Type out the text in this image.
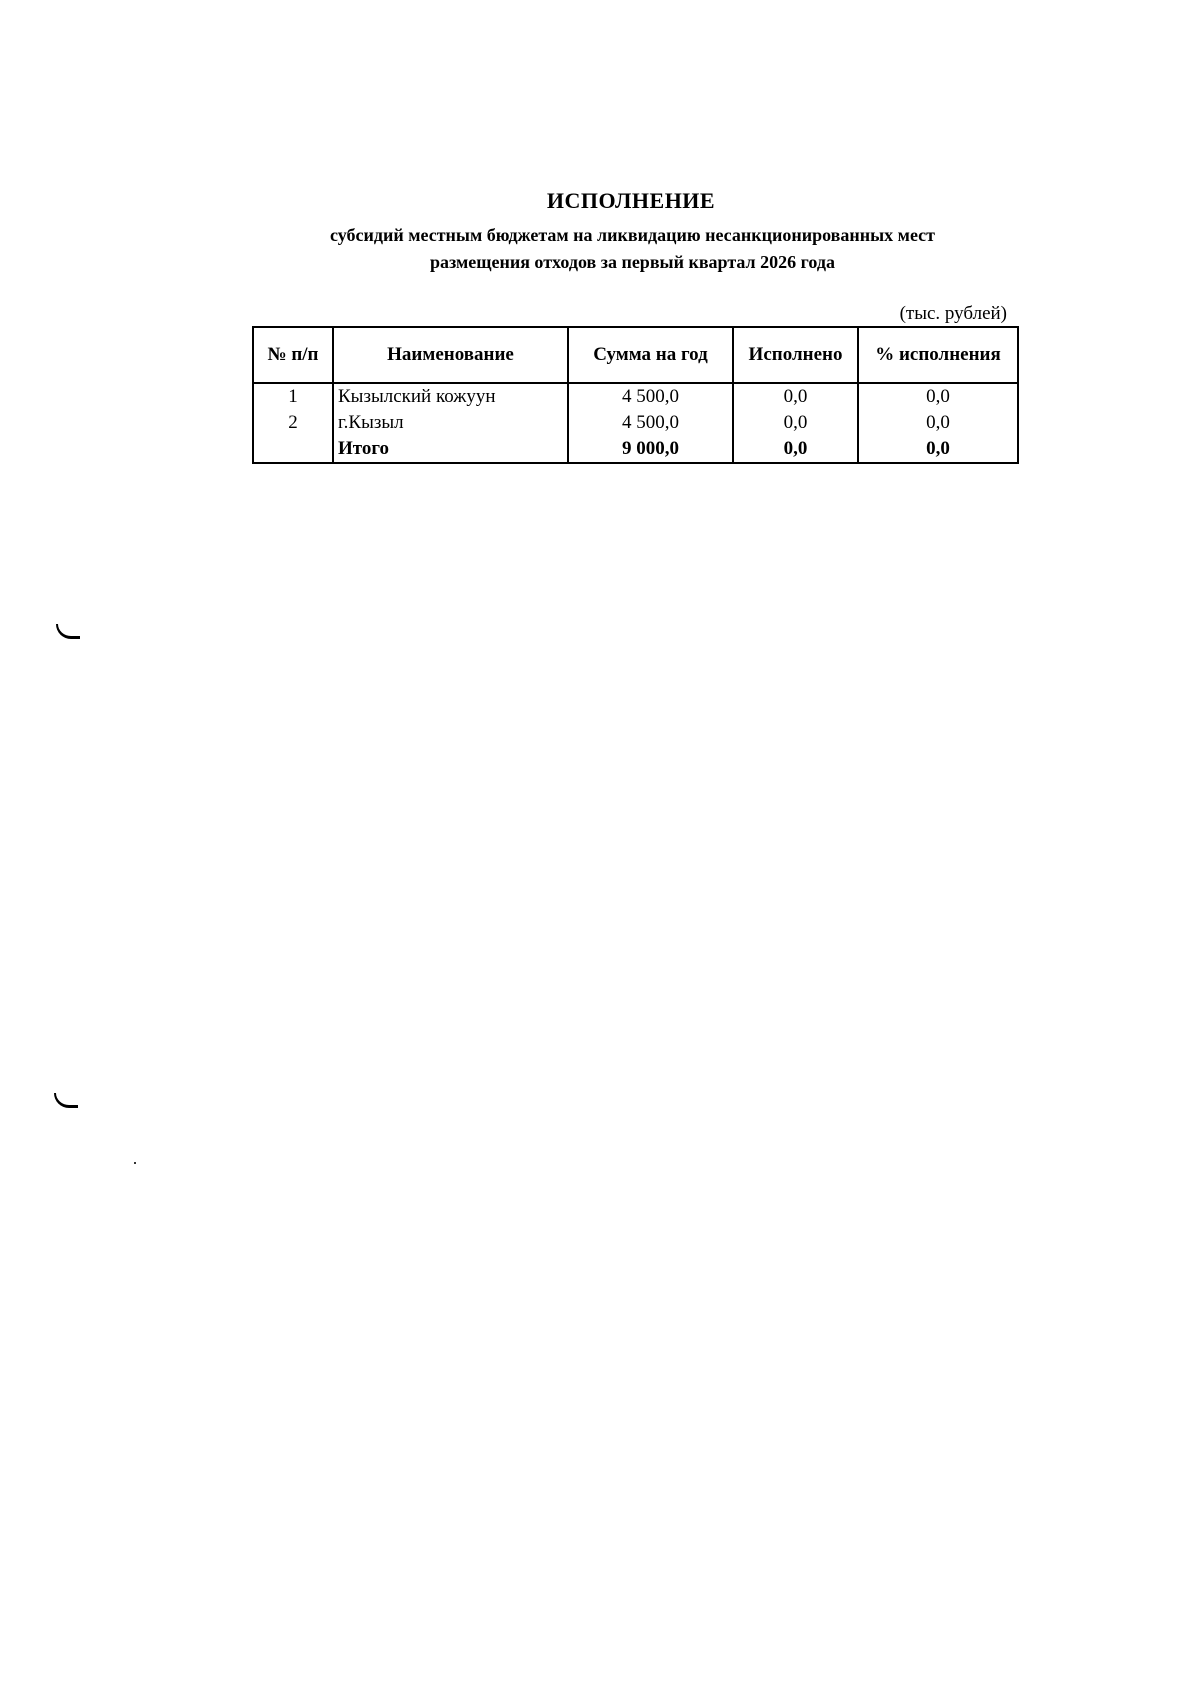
ИСПОЛНЕНИЕ
субсидий местным бюджетам на ликвидацию несанкционированных мест
размещения отходов за первый квартал 2026 года
(тыс. рублей)
№ п/п	Наименование	Сумма на год	Исполнено	% исполнения
1	Кызылский кожуун	4 500,0	0,0	0,0
2	г.Кызыл	4 500,0	0,0	0,0
	Итого	9 000,0	0,0	0,0
